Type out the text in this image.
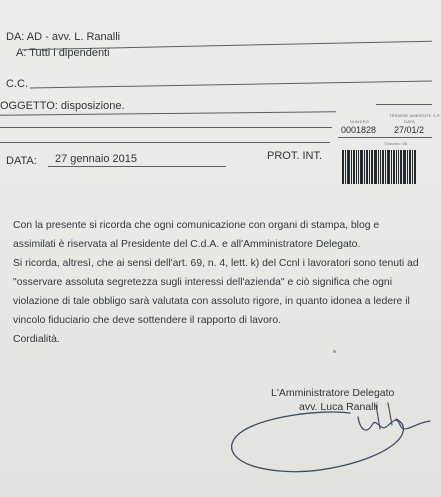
DA: AD - avv. L. Ranalli
A: Tutti i dipendenti
C.C.
OGGETTO: disposizione.
TERMINE AMBIENTE S.P.
NUMERO	DATA
0001828 27/01/2
Titolario: 08
DATA: 27 gennaio 2015	PROT. INT.

Con la presente si ricorda che ogni comunicazione con organi di stampa, blog e assimilati è riservata al Presidente del C.d.A. e all'Amministratore Delegato.

Si ricorda, altresì, che ai sensi dell'art. 69, n. 4, lett. k) del Ccnl i lavoratori sono tenuti ad "osservare assoluta segretezza sugli interessi dell'azienda" e ciò significa che ogni violazione di tale obbligo sarà valutata con assoluto rigore, in quanto idonea a ledere il vincolo fiduciario che deve sottendere il rapporto di lavoro.

Cordialità.

L'Amministratore Delegato
avv. Luca Ranalli
